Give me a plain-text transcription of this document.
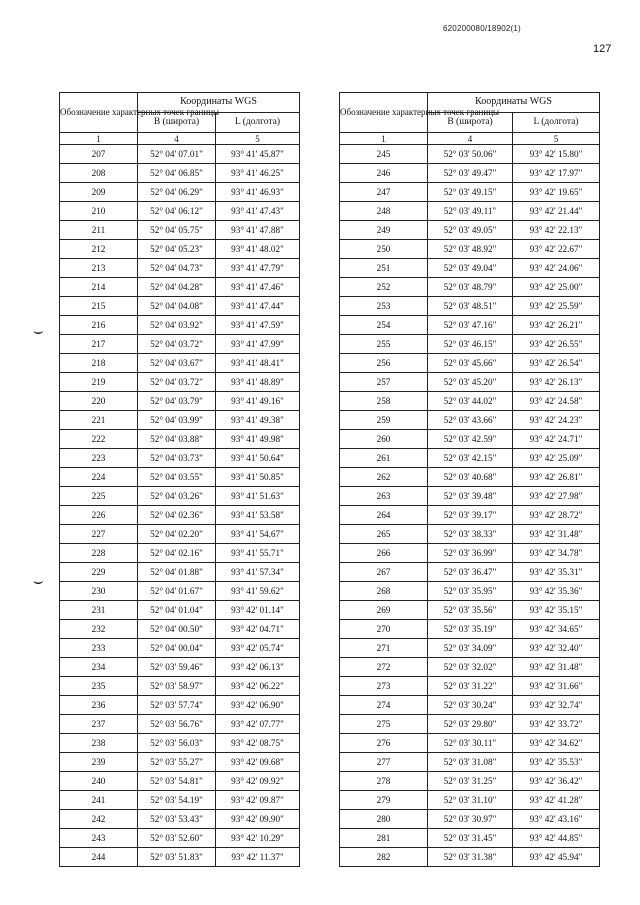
620200080/18902(1)
127
⌣
⌣
Обозначение характерных точек границы	Координаты WGS	
	B (широта)	L (долгота)
1	4	5
207	52° 04' 07.01"	93° 41' 45.87"
208	52° 04' 06.85"	93° 41' 46.25"
209	52° 04' 06.29"	93° 41' 46.93"
210	52° 04' 06.12"	93° 41' 47.43"
211	52° 04' 05.75"	93° 41' 47.88"
212	52° 04' 05.23"	93° 41' 48.02"
213	52° 04' 04.73"	93° 41' 47.79"
214	52° 04' 04.28"	93° 41' 47.46"
215	52° 04' 04.08"	93° 41' 47.44"
216	52° 04' 03.92"	93° 41' 47.59"
217	52° 04' 03.72"	93° 41' 47.99"
218	52° 04' 03.67"	93° 41' 48.41"
219	52° 04' 03.72"	93° 41' 48.89"
220	52° 04' 03.79"	93° 41' 49.16"
221	52° 04' 03.99"	93° 41' 49.38"
222	52° 04' 03.88"	93° 41' 49.98"
223	52° 04' 03.73"	93° 41' 50.64"
224	52° 04' 03.55"	93° 41' 50.85"
225	52° 04' 03.26"	93° 41' 51.63"
226	52° 04' 02.36"	93° 41' 53.58"
227	52° 04' 02.20"	93° 41' 54.67"
228	52° 04' 02.16"	93° 41' 55.71"
229	52° 04' 01.88"	93° 41' 57.34"
230	52° 04' 01.67"	93° 41' 59.62"
231	52° 04' 01.04"	93° 42' 01.14"
232	52° 04' 00.50"	93° 42' 04.71"
233	52° 04' 00.04"	93° 42' 05.74"
234	52° 03' 59.46"	93° 42' 06.13"
235	52° 03' 58.97"	93° 42' 06.22"
236	52° 03' 57.74"	93° 42' 06.90"
237	52° 03' 56.76"	93° 42' 07.77"
238	52° 03' 56.03"	93° 42' 08.75"
239	52° 03' 55.27"	93° 42' 09.68"
240	52° 03' 54.81"	93° 42' 09.92"
241	52° 03' 54.19"	93° 42' 09.87"
242	52° 03' 53.43"	93° 42' 09.90"
243	52° 03' 52.60"	93° 42' 10.29"
244	52° 03' 51.83"	93° 42' 11.37"
Обозначение характерных точек границы	Координаты WGS	
	B (широта)	L (долгота)
1	4	5
245	52° 03' 50.06"	93° 42' 15.80"
246	52° 03' 49.47"	93° 42' 17.97"
247	52° 03' 49.15"	93° 42' 19.65"
248	52° 03' 49.11"	93° 42' 21.44"
249	52° 03' 49.05"	93° 42' 22.13"
250	52° 03' 48.92"	93° 42' 22.67"
251	52° 03' 49.04"	93° 42' 24.06"
252	52° 03' 48.79"	93° 42' 25.00"
253	52° 03' 48.51"	93° 42' 25.59"
254	52° 03' 47.16"	93° 42' 26.21"
255	52° 03' 46.15"	93° 42' 26.55"
256	52° 03' 45.66"	93° 42' 26.54"
257	52° 03' 45.20"	93° 42' 26.13"
258	52° 03' 44.02"	93° 42' 24.58"
259	52° 03' 43.66"	93° 42' 24.23"
260	52° 03' 42.59"	93° 42' 24.71"
261	52° 03' 42.15"	93° 42' 25.09"
262	52° 03' 40.68"	93° 42' 26.81"
263	52° 03' 39.48"	93° 42' 27.98"
264	52° 03' 39.17"	93° 42' 28.72"
265	52° 03' 38.33"	93° 42' 31.48"
266	52° 03' 36.99"	93° 42' 34.78"
267	52° 03' 36.47"	93° 42' 35.31"
268	52° 03' 35.95"	93° 42' 35.36"
269	52° 03' 35.56"	93° 42' 35.15"
270	52° 03' 35.19"	93° 42' 34.65"
271	52° 03' 34.09"	93° 42' 32.40"
272	52° 03' 32.02"	93° 42' 31.48"
273	52° 03' 31.22"	93° 42' 31.66"
274	52° 03' 30.24"	93° 42' 32.74"
275	52° 03' 29.80"	93° 42' 33.72"
276	52° 03' 30.11"	93° 42' 34.62"
277	52° 03' 31.08"	93° 42' 35.53"
278	52° 03' 31.25"	93° 42' 36.42"
279	52° 03' 31.10"	93° 42' 41.28"
280	52° 03' 30.97"	93° 42' 43.16"
281	52° 03' 31.45"	93° 42' 44.85"
282	52° 03' 31.38"	93° 42' 45.94"
